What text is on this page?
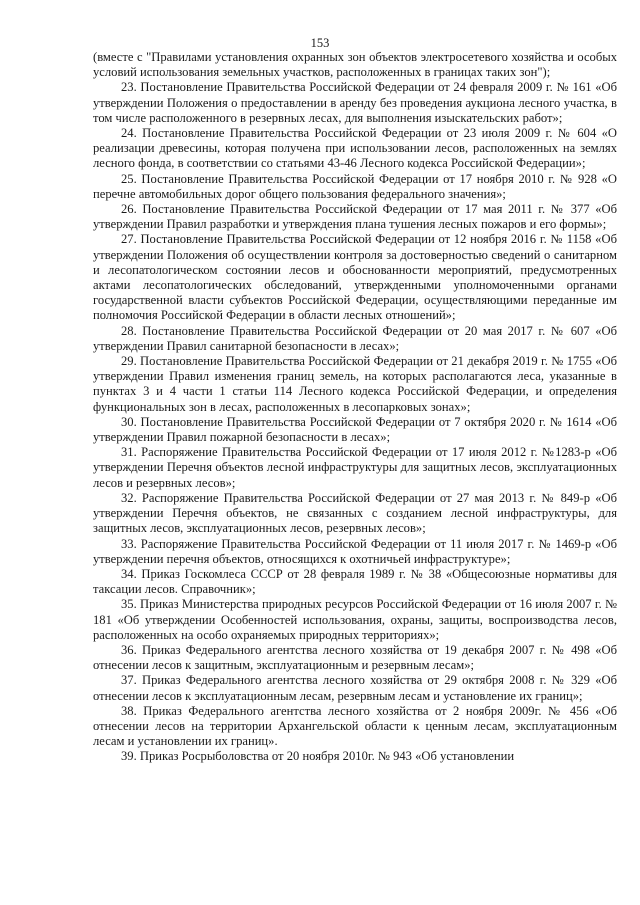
153

(вместе с "Правилами установления охранных зон объектов электросетевого хозяйства и особых условий использования земельных участков, расположенных в границах таких зон");

23. Постановление Правительства Российской Федерации от 24 февраля 2009 г. № 161 «Об утверждении Положения о предоставлении в аренду без проведения аукциона лесного участка, в том числе расположенного в резервных лесах, для выполнения изыскательских работ»;

24. Постановление Правительства Российской Федерации от 23 июля 2009 г. № 604 «О реализации древесины, которая получена при использовании лесов, расположенных на землях лесного фонда, в соответствии со статьями 43-46 Лесного кодекса Российской Федерации»;

25. Постановление Правительства Российской Федерации от 17 ноября 2010 г. № 928 «О перечне автомобильных дорог общего пользования федерального значения»;

26. Постановление Правительства Российской Федерации от 17 мая 2011 г. № 377 «Об утверждении Правил разработки и утверждения плана тушения лесных пожаров и его формы»;

27. Постановление Правительства Российской Федерации от 12 ноября 2016 г. № 1158 «Об утверждении Положения об осуществлении контроля за достоверностью сведений о санитарном и лесопатологическом состоянии лесов и обоснованности мероприятий, предусмотренных актами лесопатологических обследований, утвержденными уполномоченными органами государственной власти субъектов Российской Федерации, осуществляющими переданные им полномочия Российской Федерации в области лесных отношений»;

28. Постановление Правительства Российской Федерации от 20 мая 2017 г. № 607 «Об утверждении Правил санитарной безопасности в лесах»;

29. Постановление Правительства Российской Федерации от 21 декабря 2019 г. № 1755 «Об утверждении Правил изменения границ земель, на которых располагаются леса, указанные в пунктах 3 и 4 части 1 статьи 114 Лесного кодекса Российской Федерации, и определения функциональных зон в лесах, расположенных в лесопарковых зонах»;

30. Постановление Правительства Российской Федерации от 7 октября 2020 г. № 1614 «Об утверждении Правил пожарной безопасности в лесах»;

31. Распоряжение Правительства Российской Федерации от 17 июля 2012 г. №1283-р «Об утверждении Перечня объектов лесной инфраструктуры для защитных лесов, эксплуатационных лесов и резервных лесов»;

32. Распоряжение Правительства Российской Федерации от 27 мая 2013 г. № 849-р «Об утверждении Перечня объектов, не связанных с созданием лесной инфраструктуры, для защитных лесов, эксплуатационных лесов, резервных лесов»;

33. Распоряжение Правительства Российской Федерации от 11 июля 2017 г. № 1469-р «Об утверждении перечня объектов, относящихся к охотничьей инфраструктуре»;

34. Приказ Госкомлеса СССР от 28 февраля 1989 г. № 38 «Общесоюзные нормативы для таксации лесов. Справочник»;

35. Приказ Министерства природных ресурсов Российской Федерации от 16 июля 2007 г. № 181 «Об утверждении Особенностей использования, охраны, защиты, воспроизводства лесов, расположенных на особо охраняемых природных территориях»;

36. Приказ Федерального агентства лесного хозяйства от 19 декабря 2007 г. № 498 «Об отнесении лесов к защитным, эксплуатационным и резервным лесам»;

37. Приказ Федерального агентства лесного хозяйства от 29 октября 2008 г. № 329 «Об отнесении лесов к эксплуатационным лесам, резервным лесам и установление их границ»;

38. Приказ Федерального агентства лесного хозяйства от 2 ноября 2009г. № 456 «Об отнесении лесов на территории Архангельской области к ценным лесам, эксплуатационным лесам и установлении их границ».

39. Приказ Росрыболовства от 20 ноября 2010г. № 943 «Об установлении
